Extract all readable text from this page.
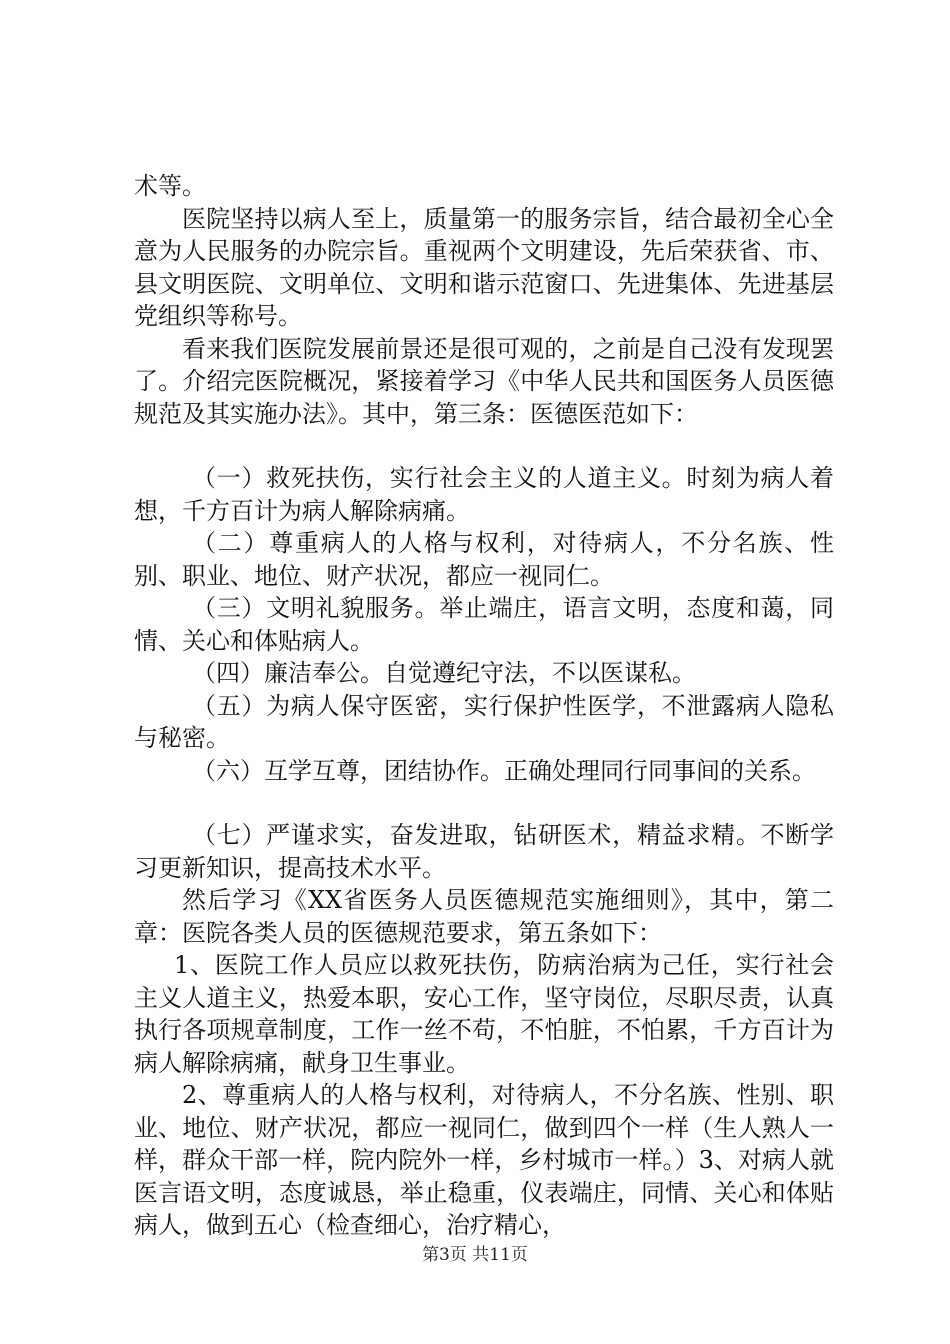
术等。

医院坚持以病人至上，质量第一的服务宗旨，结合最初全心全意为人民服务的办院宗旨。重视两个文明建设，先后荣获省、市、县文明医院、文明单位、文明和谐示范窗口、先进集体、先进基层党组织等称号。

看来我们医院发展前景还是很可观的，之前是自己没有发现罢了。介绍完医院概况，紧接着学习《中华人民共和国医务人员医德规范及其实施办法》。其中，第三条：医德医范如下：

（一）救死扶伤，实行社会主义的人道主义。时刻为病人着想，千方百计为病人解除病痛。

（二）尊重病人的人格与权利，对待病人，不分名族、性别、职业、地位、财产状况，都应一视同仁。

（三）文明礼貌服务。举止端庄，语言文明，态度和蔼，同情、关心和体贴病人。

（四）廉洁奉公。自觉遵纪守法，不以医谋私。

（五）为病人保守医密，实行保护性医学，不泄露病人隐私与秘密。

（六）互学互尊，团结协作。正确处理同行同事间的关系。

（七）严谨求实，奋发进取，钻研医术，精益求精。不断学习更新知识，提高技术水平。

然后学习《XX省医务人员医德规范实施细则》，其中，第二章：医院各类人员的医德规范要求，第五条如下：

1、医院工作人员应以救死扶伤，防病治病为己任，实行社会主义人道主义，热爱本职，安心工作，坚守岗位，尽职尽责，认真执行各项规章制度，工作一丝不苟，不怕脏，不怕累，千方百计为病人解除病痛，献身卫生事业。

2、尊重病人的人格与权利，对待病人，不分名族、性别、职业、地位、财产状况，都应一视同仁，做到四个一样（生人熟人一样，群众干部一样，院内院外一样，乡村城市一样。）3、对病人就医言语文明，态度诚恳，举止稳重，仪表端庄，同情、关心和体贴病人，做到五心（检查细心，治疗精心，

第3页 共11页
